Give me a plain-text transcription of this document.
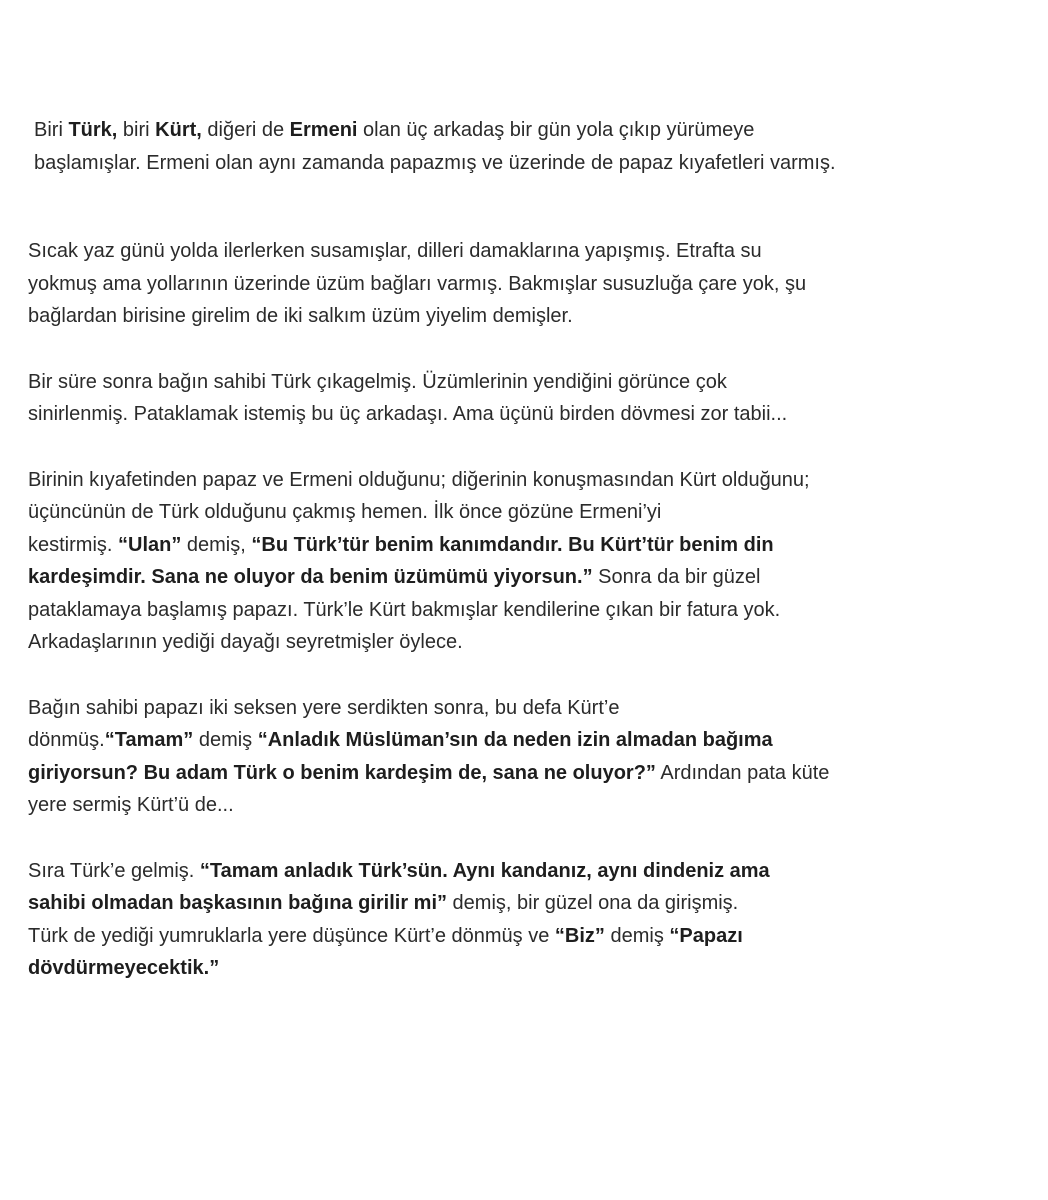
Biri Türk, biri Kürt, diğeri de Ermeni olan üç arkadaş bir gün yola çıkıp yürümeye
başlamışlar. Ermeni olan aynı zamanda papazmış ve üzerinde de papaz kıyafetleri varmış.

Sıcak yaz günü yolda ilerlerken susamışlar, dilleri damaklarına yapışmış. Etrafta su
yokmuş ama yollarının üzerinde üzüm bağları varmış. Bakmışlar susuzluğa çare yok, şu
bağlardan birisine girelim de iki salkım üzüm yiyelim demişler.

Bir süre sonra bağın sahibi Türk çıkagelmiş. Üzümlerinin yendiğini görünce çok
sinirlenmiş. Pataklamak istemiş bu üç arkadaşı. Ama üçünü birden dövmesi zor tabii...

Birinin kıyafetinden papaz ve Ermeni olduğunu; diğerinin konuşmasından Kürt olduğunu;
üçüncünün de Türk olduğunu çakmış hemen. İlk önce gözüne Ermeni’yi
kestirmiş. “Ulan” demiş, “Bu Türk’tür benim kanımdandır. Bu Kürt’tür benim din
kardeşimdir. Sana ne oluyor da benim üzümümü yiyorsun.” Sonra da bir güzel
pataklamaya başlamış papazı. Türk’le Kürt bakmışlar kendilerine çıkan bir fatura yok.
Arkadaşlarının yediği dayağı seyretmişler öylece.

Bağın sahibi papazı iki seksen yere serdikten sonra, bu defa Kürt’e
dönmüş.“Tamam” demiş “Anladık Müslüman’sın da neden izin almadan bağıma
giriyorsun? Bu adam Türk o benim kardeşim de, sana ne oluyor?” Ardından pata küte
yere sermiş Kürt’ü de...

Sıra Türk’e gelmiş. “Tamam anladık Türk’sün. Aynı kandanız, aynı dindeniz ama
sahibi olmadan başkasının bağına girilir mi” demiş, bir güzel ona da girişmiş.
Türk de yediği yumruklarla yere düşünce Kürt’e dönmüş ve “Biz” demiş “Papazı
dövdürmeyecektik.”
